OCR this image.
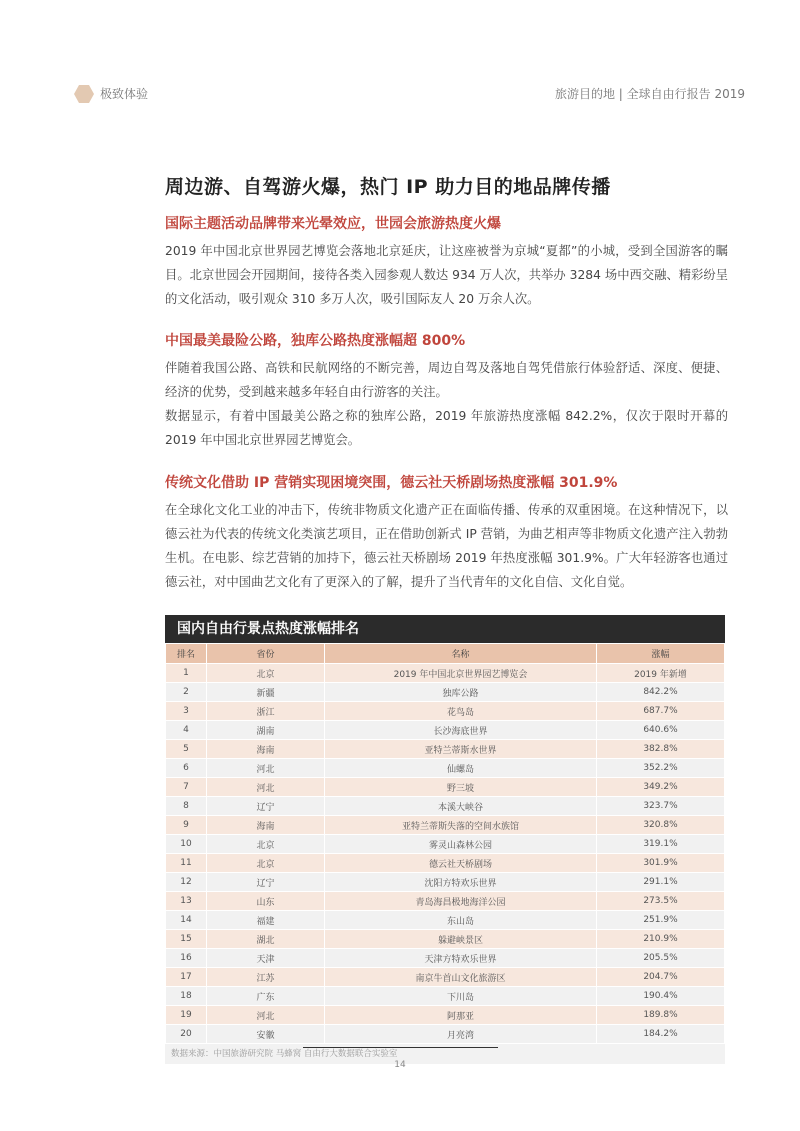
极致体验	旅游目的地 | 全球自由行报告 2019
周边游、自驾游火爆，热门 IP 助力目的地品牌传播

国际主题活动品牌带来光晕效应，世园会旅游热度火爆

2019 年中国北京世界园艺博览会落地北京延庆，让这座被誉为京城“夏都”的小城，受到全国游客的瞩目。北京世园会开园期间，接待各类入园参观人数达 934 万人次，共举办 3284 场中西交融、精彩纷呈的文化活动，吸引观众 310 多万人次，吸引国际友人 20 万余人次。

中国最美最险公路，独库公路热度涨幅超 800%

伴随着我国公路、高铁和民航网络的不断完善，周边自驾及落地自驾凭借旅行体验舒适、深度、便捷、经济的优势，受到越来越多年轻自由行游客的关注。

数据显示，有着中国最美公路之称的独库公路，2019 年旅游热度涨幅 842.2%，仅次于限时开幕的 2019 年中国北京世界园艺博览会。

传统文化借助 IP 营销实现困境突围，德云社天桥剧场热度涨幅 301.9%

在全球化文化工业的冲击下，传统非物质文化遗产正在面临传播、传承的双重困境。在这种情况下，以德云社为代表的传统文化类演艺项目，正在借助创新式 IP 营销，为曲艺相声等非物质文化遗产注入勃勃生机。在电影、综艺营销的加持下，德云社天桥剧场 2019 年热度涨幅 301.9%。广大年轻游客也通过德云社，对中国曲艺文化有了更深入的了解，提升了当代青年的文化自信、文化自觉。

国内自由行景点热度涨幅排名
排名	省份	名称	涨幅
1	北京	2019 年中国北京世界园艺博览会	2019 年新增
2	新疆	独库公路	842.2%
3	浙江	花鸟岛	687.7%
4	湖南	长沙海底世界	640.6%
5	海南	亚特兰蒂斯水世界	382.8%
6	河北	仙螺岛	352.2%
7	河北	野三坡	349.2%
8	辽宁	本溪大峡谷	323.7%
9	海南	亚特兰蒂斯失落的空间水族馆	320.8%
10	北京	雾灵山森林公园	319.1%
11	北京	德云社天桥剧场	301.9%
12	辽宁	沈阳方特欢乐世界	291.1%
13	山东	青岛海昌极地海洋公园	273.5%
14	福建	东山岛	251.9%
15	湖北	躲避峡景区	210.9%
16	天津	天津方特欢乐世界	205.5%
17	江苏	南京牛首山文化旅游区	204.7%
18	广东	下川岛	190.4%
19	河北	阿那亚	189.8%
20	安徽	月亮湾	184.2%
数据来源：中国旅游研究院 马蜂窝 自由行大数据联合实验室
14
